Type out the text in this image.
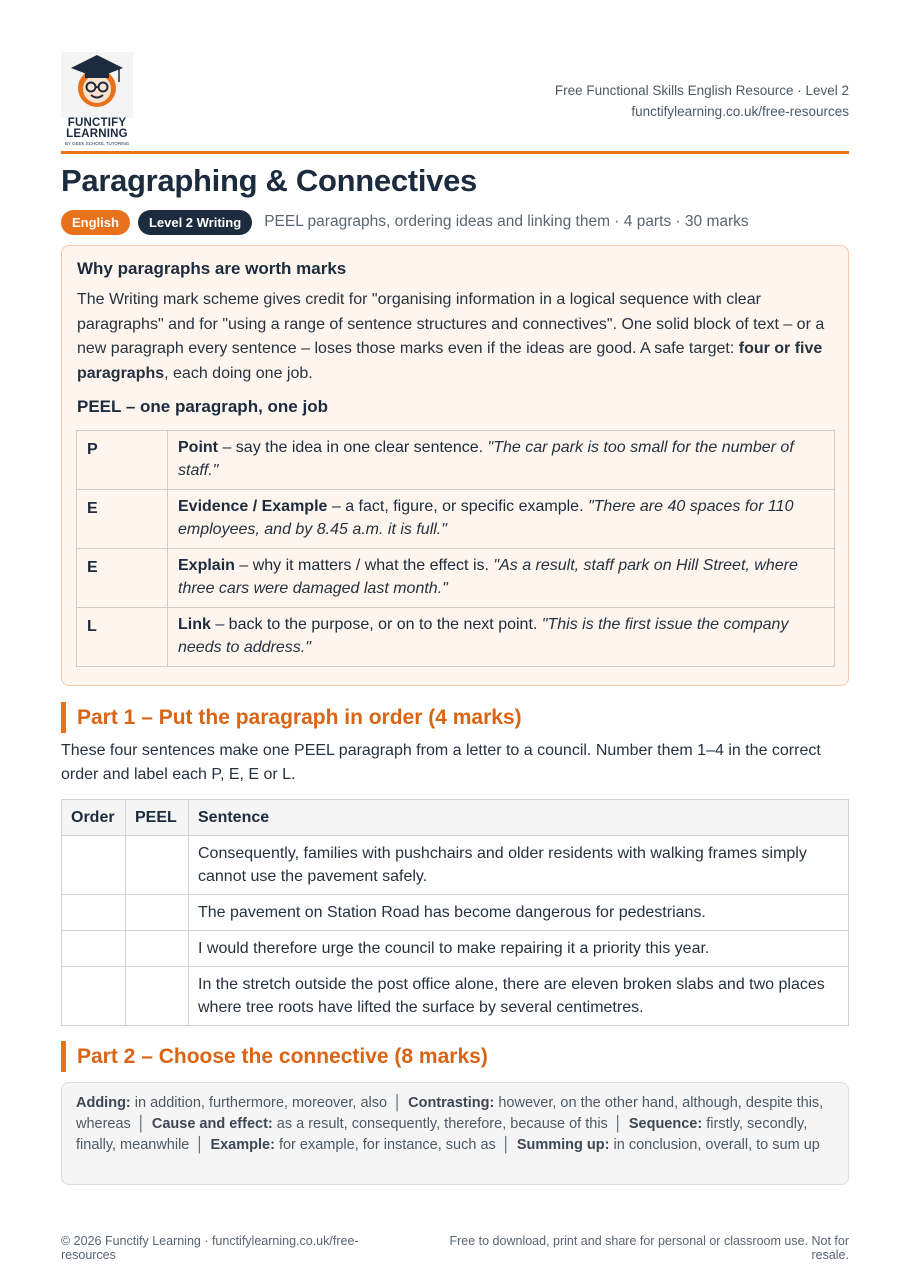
FUNCTIFY
LEARNING
BY GEEK SCHOOL TUTORING
Free Functional Skills English Resource · Level 2
functifylearning.co.uk/free-resources
Paragraphing & Connectives
English	Level 2 Writing	PEEL paragraphs, ordering ideas and linking them · 4 parts · 30 marks
Why paragraphs are worth marks

The Writing mark scheme gives credit for "organising information in a logical sequence with clear paragraphs" and for "using a range of sentence structures and connectives". One solid block of text – or a new paragraph every sentence – loses those marks even if the ideas are good. A safe target: four or five paragraphs, each doing one job.

PEEL – one paragraph, one job
P	Point – say the idea in one clear sentence. "The car park is too small for the number of staff."
E	Evidence / Example – a fact, figure, or specific example. "There are 40 spaces for 110 employees, and by 8.45 a.m. it is full."
E	Explain – why it matters / what the effect is. "As a result, staff park on Hill Street, where three cars were damaged last month."
L	Link – back to the purpose, or on to the next point. "This is the first issue the company needs to address."
Part 1 – Put the paragraph in order (4 marks)

These four sentences make one PEEL paragraph from a letter to a council. Number them 1–4 in the correct order and label each P, E, E or L.

Order	PEEL	Sentence
		Consequently, families with pushchairs and older residents with walking frames simply cannot use the pavement safely.
		The pavement on Station Road has become dangerous for pedestrians.
		I would therefore urge the council to make repairing it a priority this year.
		In the stretch outside the post office alone, there are eleven broken slabs and two places where tree roots have lifted the surface by several centimetres.
Part 2 – Choose the connective (8 marks)
Adding: in addition, furthermore, moreover, also │ Contrasting: however, on the other hand, although, despite this, whereas │ Cause and effect: as a result, consequently, therefore, because of this │ Sequence: firstly, secondly, finally, meanwhile │ Example: for example, for instance, such as │ Summing up: in conclusion, overall, to sum up
© 2026 Functify Learning · functifylearning.co.uk/free-resources
Free to download, print and share for personal or classroom use. Not for resale.
